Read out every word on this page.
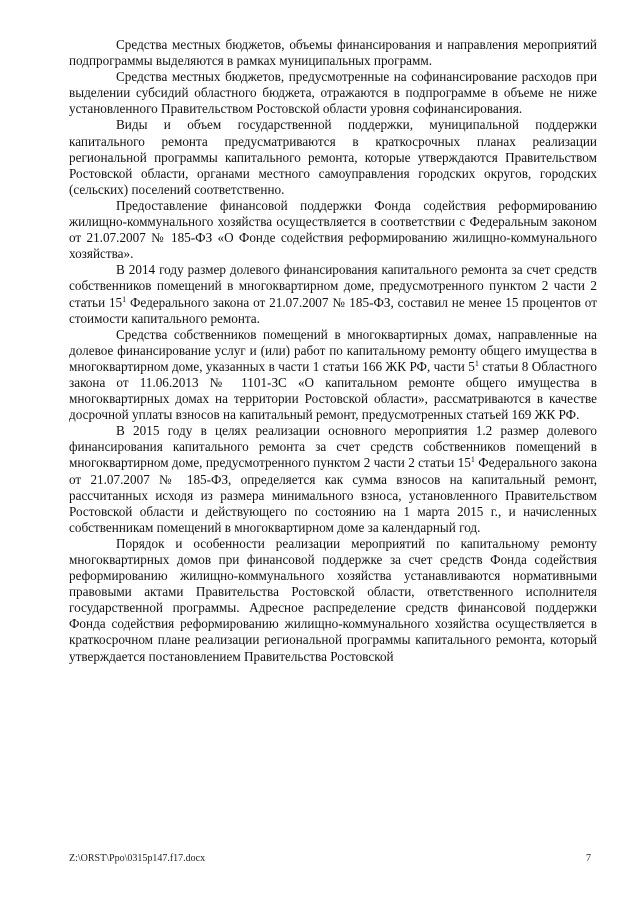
Средства местных бюджетов, объемы финансирования и направления мероприятий подпрограммы выделяются в рамках муниципальных программ.

Средства местных бюджетов, предусмотренные на софинансирование расходов при выделении субсидий областного бюджета, отражаются в подпрограмме в объеме не ниже установленного Правительством Ростовской области уровня софинансирования.

Виды и объем государственной поддержки, муниципальной поддержки капитального ремонта предусматриваются в краткосрочных планах реализации региональной программы капитального ремонта, которые утверждаются Правительством Ростовской области, органами местного самоуправления городских округов, городских (сельских) поселений соответственно.

Предоставление финансовой поддержки Фонда содействия реформированию жилищно-коммунального хозяйства осуществляется в соответствии с Федеральным законом от 21.07.2007 № 185-ФЗ «О Фонде содействия реформированию жилищно-коммунального хозяйства».

В 2014 году размер долевого финансирования капитального ремонта за счет средств собственников помещений в многоквартирном доме, предусмотренного пунктом 2 части 2 статьи $15^1$ Федерального закона от 21.07.2007 № 185-ФЗ, составил не менее 15 процентов от стоимости капитального ремонта.

Средства собственников помещений в многоквартирных домах, направленные на долевое финансирование услуг и (или) работ по капитальному ремонту общего имущества в многоквартирном доме, указанных в части 1 статьи 166 ЖК РФ, части $5^1$ статьи 8 Областного закона от 11.06.2013 № 1101-ЗС «О капитальном ремонте общего имущества в многоквартирных домах на территории Ростовской области», рассматриваются в качестве досрочной уплаты взносов на капитальный ремонт, предусмотренных статьей 169 ЖК РФ.

В 2015 году в целях реализации основного мероприятия 1.2 размер долевого финансирования капитального ремонта за счет средств собственников помещений в многоквартирном доме, предусмотренного пунктом 2 части 2 статьи $15^1$ Федерального закона от 21.07.2007 № 185-ФЗ, определяется как сумма взносов на капитальный ремонт, рассчитанных исходя из размера минимального взноса, установленного Правительством Ростовской области и действующего по состоянию на 1 марта 2015 г., и начисленных собственникам помещений в многоквартирном доме за календарный год.

Порядок и особенности реализации мероприятий по капитальному ремонту многоквартирных домов при финансовой поддержке за счет средств Фонда содействия реформированию жилищно-коммунального хозяйства устанавливаются нормативными правовыми актами Правительства Ростовской области, ответственного исполнителя государственной программы. Адресное распределение средств финансовой поддержки Фонда содействия реформированию жилищно-коммунального хозяйства осуществляется в краткосрочном плане реализации региональной программы капитального ремонта, который утверждается постановлением Правительства Ростовской

Z:\ORST\Ppo\0315p147.f17.docx	7
